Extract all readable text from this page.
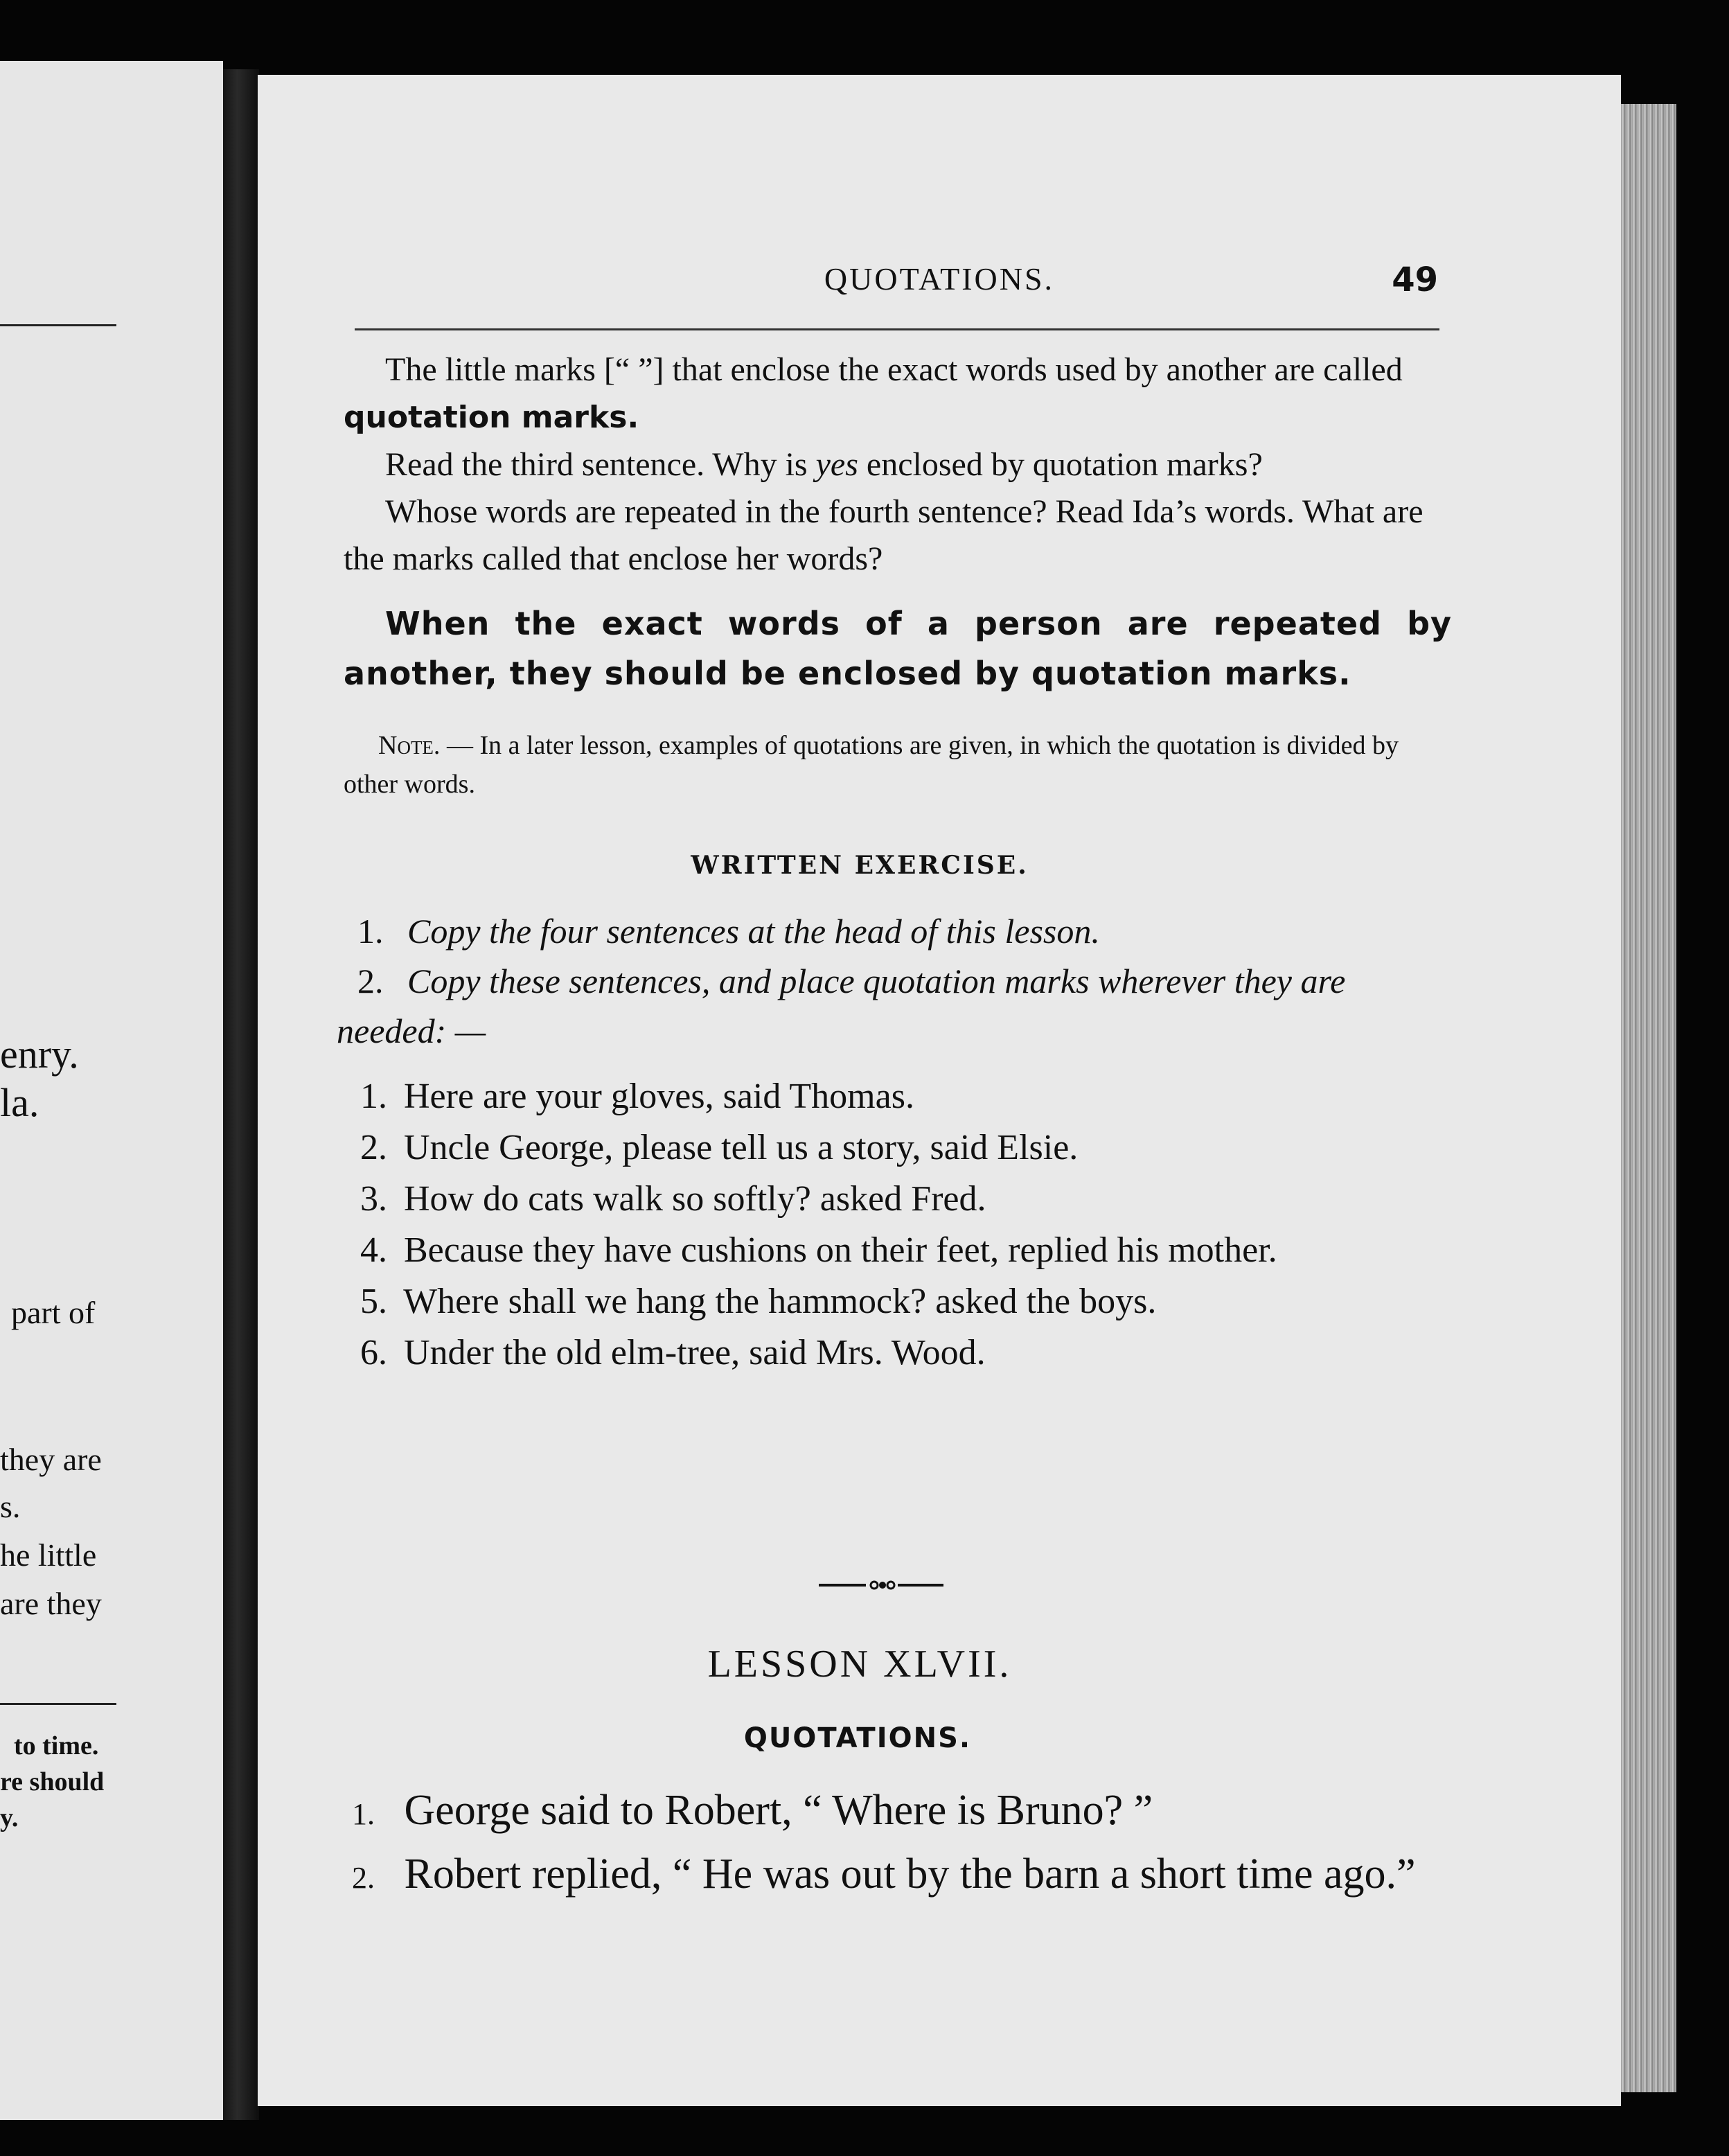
enry.
la.
part of
they are
s.
he little
are they
to time.
re should
y.
QUOTATIONS.	49

The little marks [“ ”] that enclose the exact words used by another are called quotation marks.

Read the third sentence. Why is yes enclosed by quotation marks?

Whose words are repeated in the fourth sentence? Read Ida’s words. What are the marks called that enclose her words?

When the exact words of a person are repeated by another, they should be enclosed by quotation marks.
Note. — In a later lesson, examples of quotations are given, in which the quotation is divided by other words.
WRITTEN EXERCISE.

1. Copy the four sentences at the head of this lesson.

2. Copy these sentences, and place quotation marks wherever they are needed: —

1. Here are your gloves, said Thomas.

2. Uncle George, please tell us a story, said Elsie.

3. How do cats walk so softly? asked Fred.

4. Because they have cushions on their feet, replied his mother.

5. Where shall we hang the hammock? asked the boys.

6. Under the old elm-tree, said Mrs. Wood.

LESSON XLVII.
QUOTATIONS.

1. George said to Robert, “ Where is Bruno? ”

2. Robert replied, “ He was out by the barn a short time ago.”
